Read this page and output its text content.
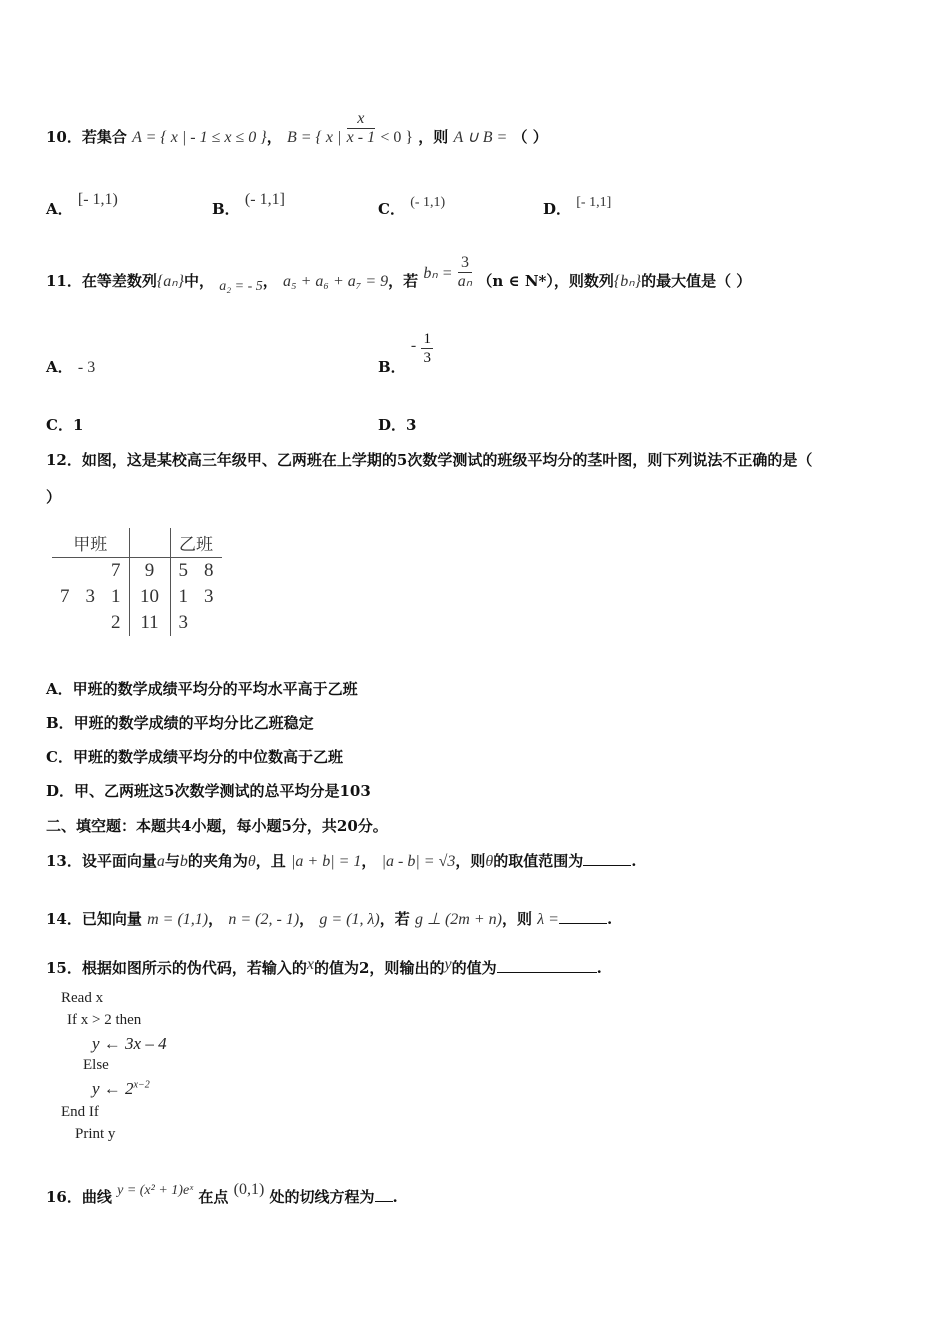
10．若集合 A = { x | - 1 ≤ x ≤ 0 }， B = { x | $\frac{x}{x - 1} < 0$ } ，则 A ∪ B = （ ）
A． [- 1,1)
B． (- 1,1]
C． (- 1,1)	D． [- 1,1]
11．在等差数列{aₙ}中， a₂ = - 5， a₅ + a₆ + a₇ = 9，若 $b_n = \frac{3}{\text{aₙ}} (n$ ∈ N*），则数列{bₙ}的最大值是（ ）
A． - 3	B． - $\frac{1}{3}$
C．1	D．3
12．如图，这是某校高三年级甲、乙两班在上学期的5次数学测试的班级平均分的茎叶图，则下列说法不正确的是（
）
甲班				乙班	
		7	9	5	8
7	3	1	10	1	3
		2	11	3	
A．甲班的数学成绩平均分的平均水平高于乙班
B．甲班的数学成绩的平均分比乙班稳定
C．甲班的数学成绩平均分的中位数高于乙班
D．甲、乙两班这5次数学测试的总平均分是103
二、填空题：本题共4小题，每小题5分，共20分。
13．设平面向量a与b的夹角为θ，且 |a + b| = 1， |a - b| = √3，则θ的取值范围为	.
14．已知向量 m = (1,1)， n = (2, - 1)， g = (1, λ)，若 g ⊥ (2m + n)，则 λ =	.
15．根据如图所示的伪代码，若输入的x的值为2，则输出的y的值为	.
Read x
If x > 2 then
y ← 3x – 4
Else
y ← $2^{x-2}$
End If
Print y
16．曲线 y = (x² + 1)eˣ 在点 (0,1) 处的切线方程为 .
